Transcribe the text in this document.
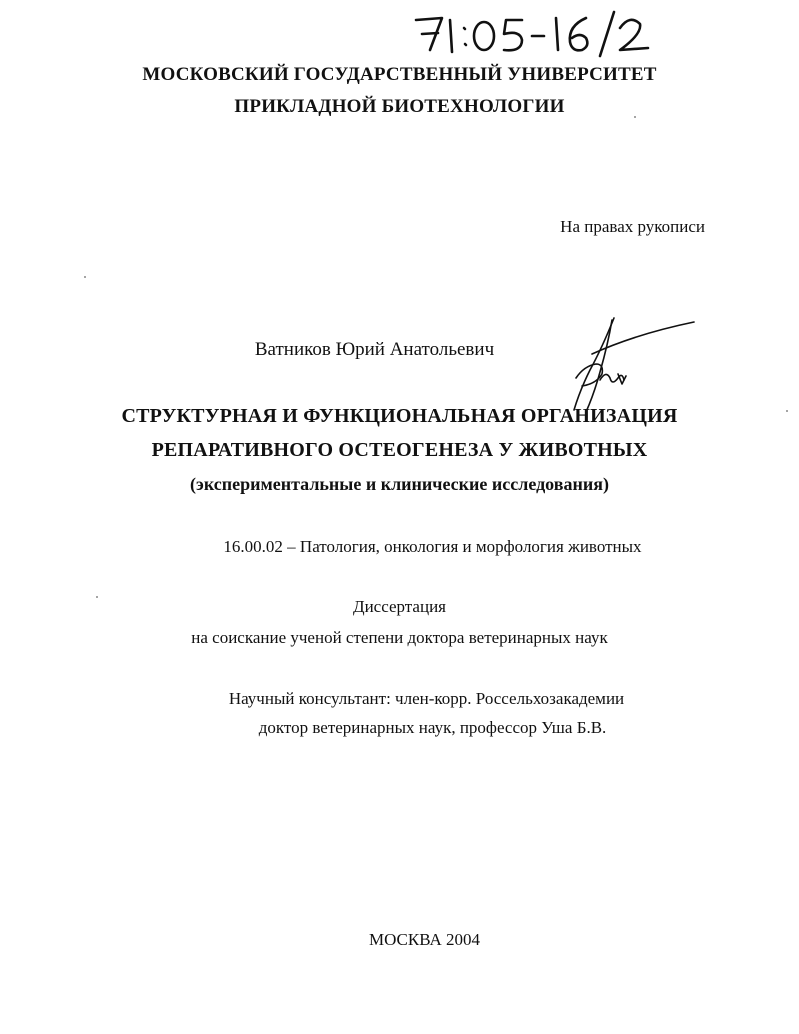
МОСКОВСКИЙ ГОСУДАРСТВЕННЫЙ УНИВЕРСИТЕТ
ПРИКЛАДНОЙ БИОТЕХНОЛОГИИ
На правах рукописи
Ватников Юрий Анатольевич
СТРУКТУРНАЯ И ФУНКЦИОНАЛЬНАЯ ОРГАНИЗАЦИЯ
РЕПАРАТИВНОГО ОСТЕОГЕНЕЗА У ЖИВОТНЫХ
(экспериментальные и клинические исследования)
16.00.02 – Патология, онкология и морфология животных
Диссертация
на соискание ученой степени доктора ветеринарных наук
Научный консультант: член-корр. Россельхозакадемии
доктор ветеринарных наук, профессор Уша Б.В.
МОСКВА 2004
